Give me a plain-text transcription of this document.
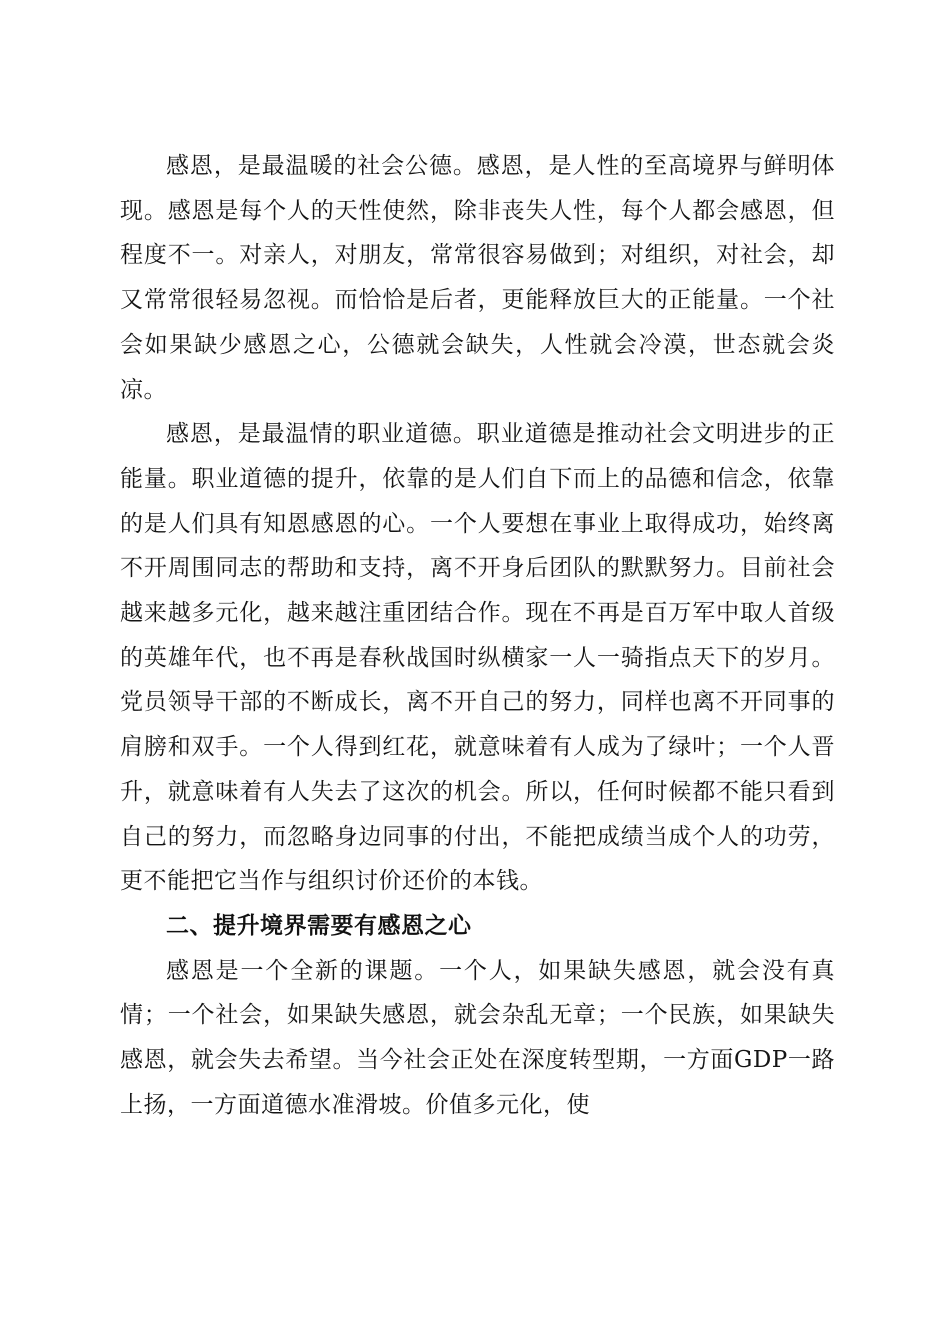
感恩，是最温暖的社会公德。感恩，是人性的至高境界与鲜明体现。感恩是每个人的天性使然，除非丧失人性，每个人都会感恩，但程度不一。对亲人，对朋友，常常很容易做到；对组织，对社会，却又常常很轻易忽视。而恰恰是后者，更能释放巨大的正能量。一个社会如果缺少感恩之心，公德就会缺失，人性就会冷漠，世态就会炎凉。

感恩，是最温情的职业道德。职业道德是推动社会文明进步的正能量。职业道德的提升，依靠的是人们自下而上的品德和信念，依靠的是人们具有知恩感恩的心。一个人要想在事业上取得成功，始终离不开周围同志的帮助和支持，离不开身后团队的默默努力。目前社会越来越多元化，越来越注重团结合作。现在不再是百万军中取人首级的英雄年代，也不再是春秋战国时纵横家一人一骑指点天下的岁月。党员领导干部的不断成长，离不开自己的努力，同样也离不开同事的肩膀和双手。一个人得到红花，就意味着有人成为了绿叶；一个人晋升，就意味着有人失去了这次的机会。所以，任何时候都不能只看到自己的努力，而忽略身边同事的付出，不能把成绩当成个人的功劳，更不能把它当作与组织讨价还价的本钱。

二、提升境界需要有感恩之心

感恩是一个全新的课题。一个人，如果缺失感恩，就会没有真情；一个社会，如果缺失感恩，就会杂乱无章；一个民族，如果缺失感恩，就会失去希望。当今社会正处在深度转型期，一方面GDP一路上扬，一方面道德水准滑坡。价值多元化，使
